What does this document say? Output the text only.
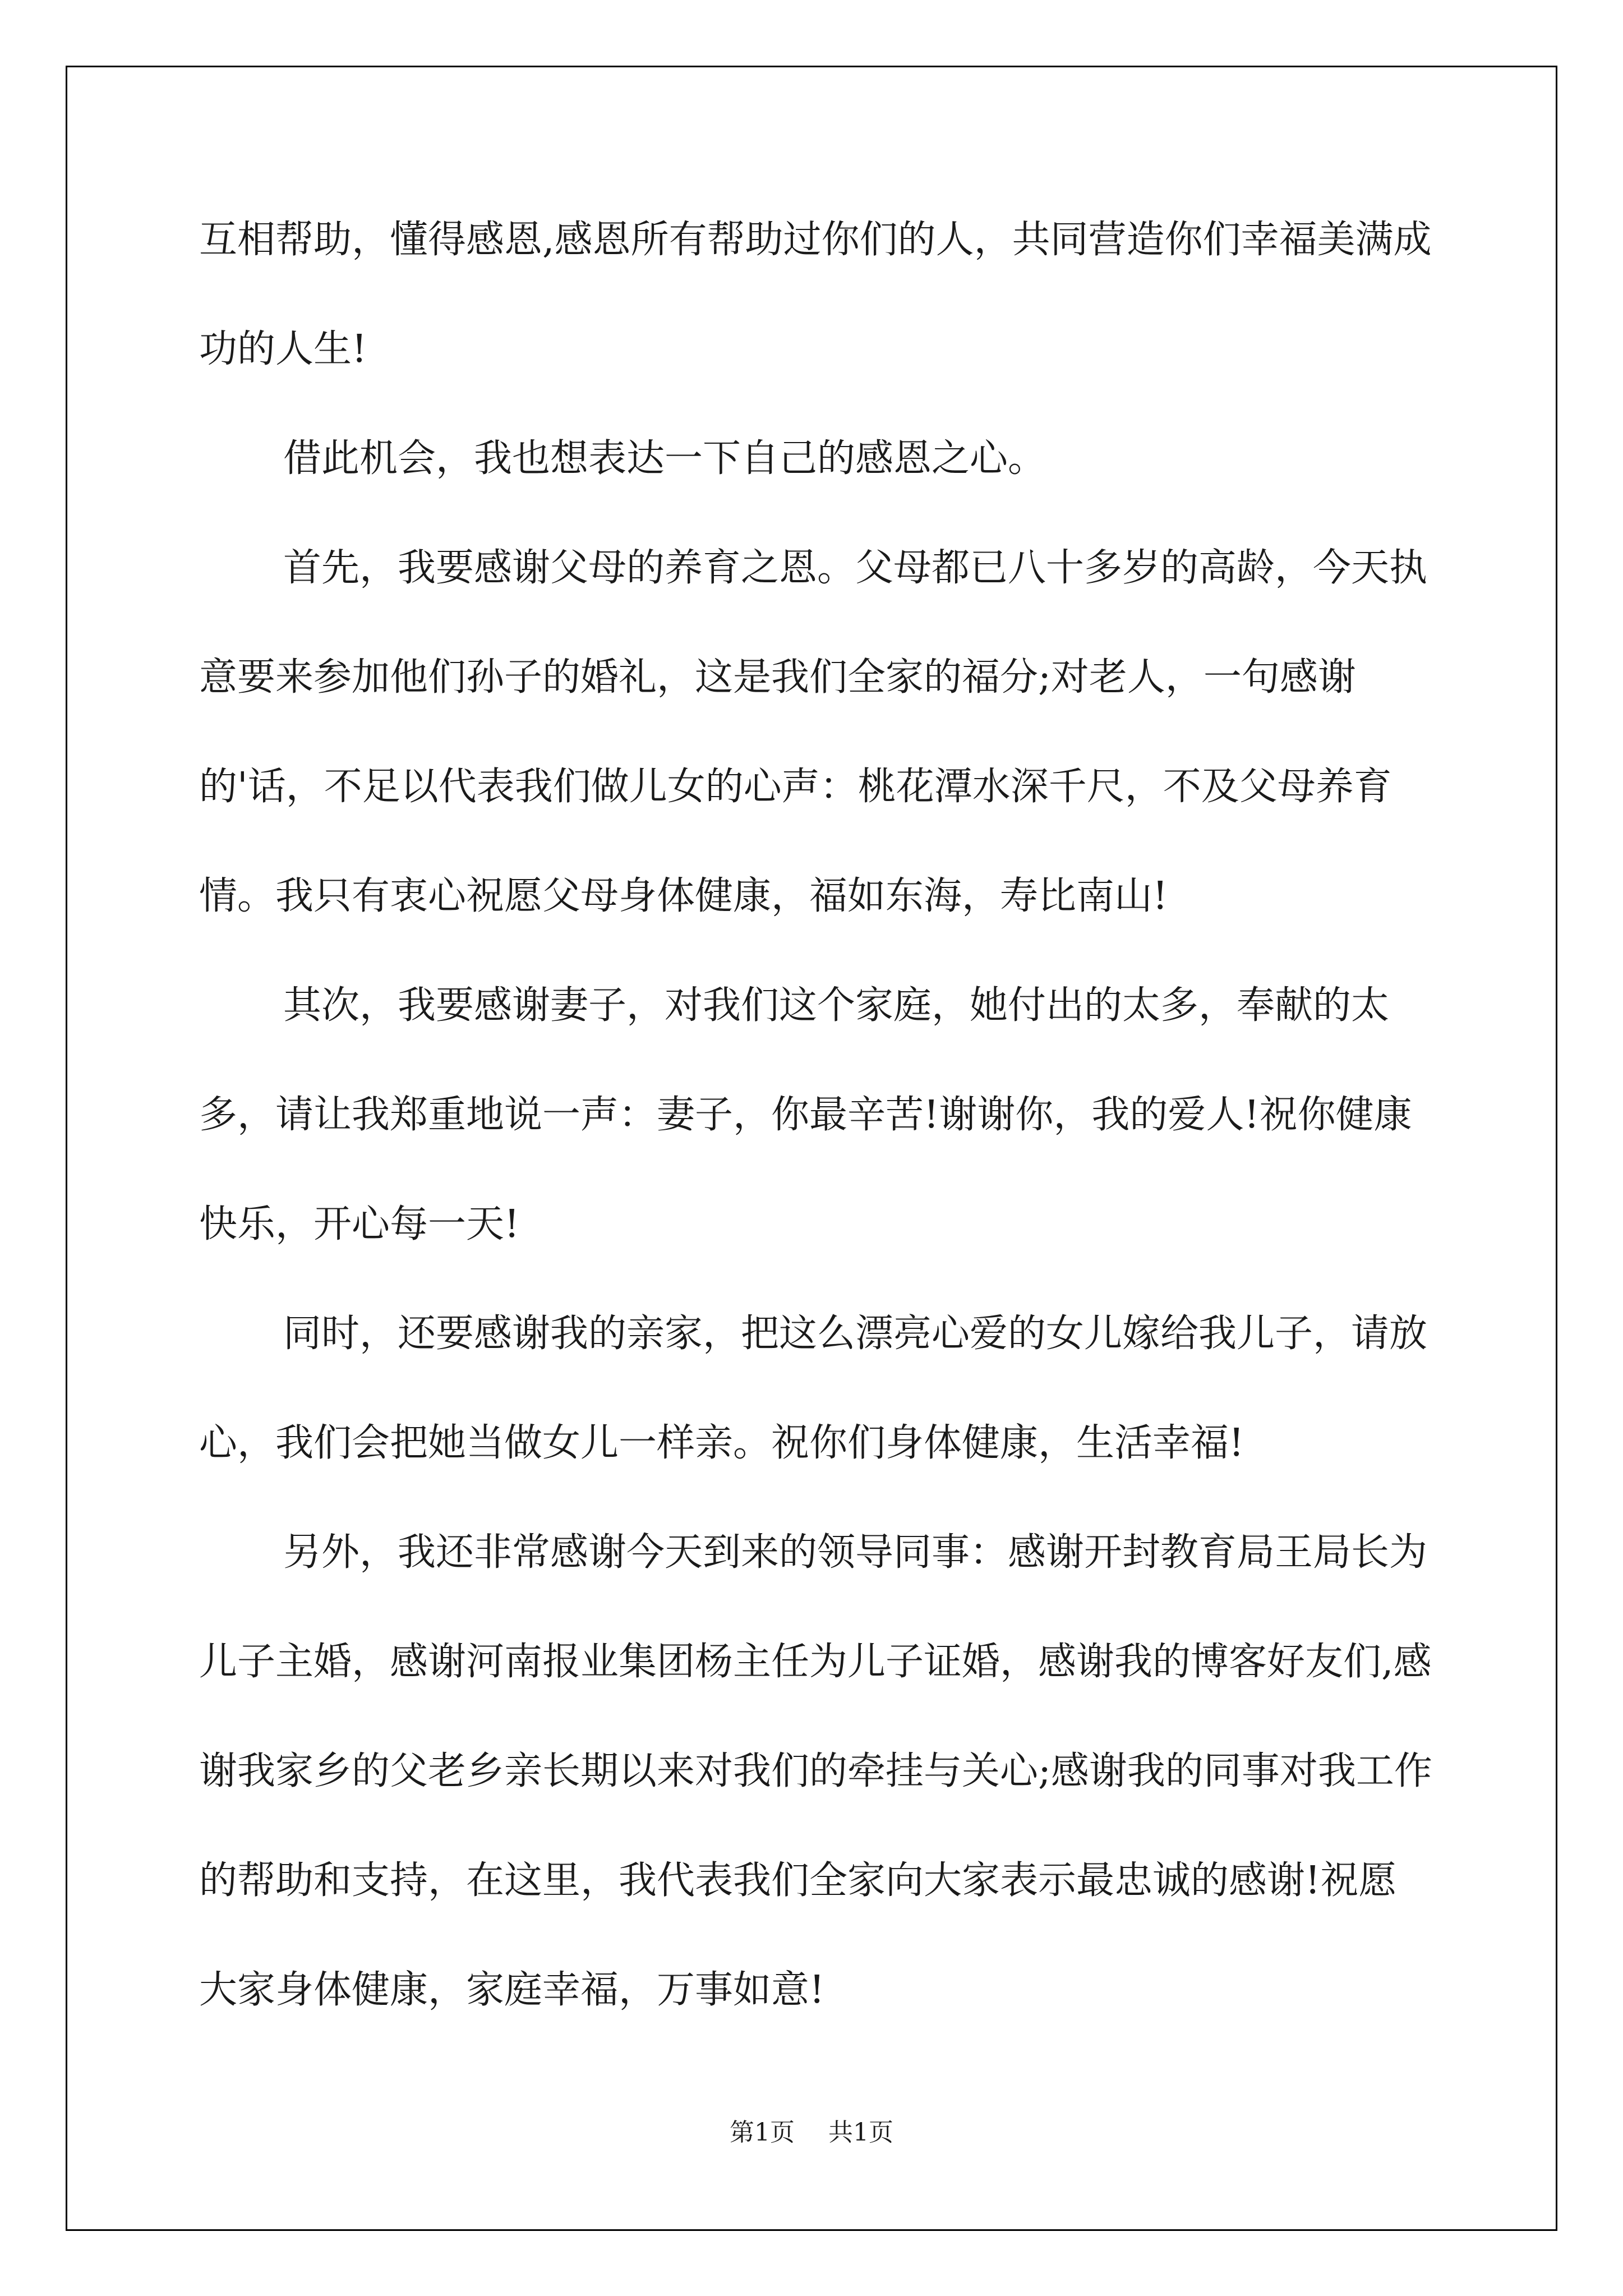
互相帮助，懂得感恩,感恩所有帮助过你们的人，共同营造你们幸福美满成功的人生!

借此机会，我也想表达一下自己的感恩之心。

首先，我要感谢父母的养育之恩。父母都已八十多岁的高龄，今天执意要来参加他们孙子的婚礼，这是我们全家的福分;对老人，一句感谢的'话，不足以代表我们做儿女的心声：桃花潭水深千尺，不及父母养育情。我只有衷心祝愿父母身体健康，福如东海，寿比南山!

其次，我要感谢妻子，对我们这个家庭，她付出的太多，奉献的太多，请让我郑重地说一声：妻子，你最辛苦!谢谢你，我的爱人!祝你健康快乐，开心每一天!

同时，还要感谢我的亲家，把这么漂亮心爱的女儿嫁给我儿子，请放心，我们会把她当做女儿一样亲。祝你们身体健康，生活幸福!

另外，我还非常感谢今天到来的领导同事：感谢开封教育局王局长为儿子主婚，感谢河南报业集团杨主任为儿子证婚，感谢我的博客好友们,感谢我家乡的父老乡亲长期以来对我们的牵挂与关心;感谢我的同事对我工作的帮助和支持，在这里，我代表我们全家向大家表示最忠诚的感谢!祝愿大家身体健康，家庭幸福，万事如意!

第1页 共1页
